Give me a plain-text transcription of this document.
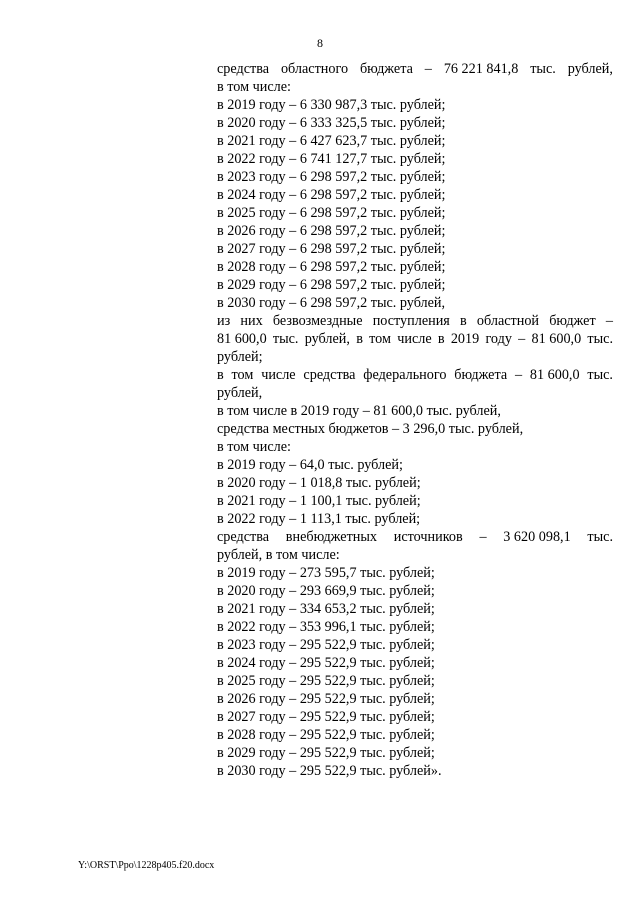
8
средства областного бюджета – 76 221 841,8 тыс. рублей,
в том числе:
в 2019 году – 6 330 987,3 тыс. рублей;
в 2020 году – 6 333 325,5 тыс. рублей;
в 2021 году – 6 427 623,7 тыс. рублей;
в 2022 году – 6 741 127,7 тыс. рублей;
в 2023 году – 6 298 597,2 тыс. рублей;
в 2024 году – 6 298 597,2 тыс. рублей;
в 2025 году – 6 298 597,2 тыс. рублей;
в 2026 году – 6 298 597,2 тыс. рублей;
в 2027 году – 6 298 597,2 тыс. рублей;
в 2028 году – 6 298 597,2 тыс. рублей;
в 2029 году – 6 298 597,2 тыс. рублей;
в 2030 году – 6 298 597,2 тыс. рублей,
из них безвозмездные поступления в областной бюджет –
81 600,0 тыс. рублей, в том числе в 2019 году – 81 600,0 тыс.
рублей;
в том числе средства федерального бюджета – 81 600,0 тыс.
рублей,
в том числе в 2019 году – 81 600,0 тыс. рублей,
средства местных бюджетов – 3 296,0 тыс. рублей,
в том числе:
в 2019 году – 64,0 тыс. рублей;
в 2020 году – 1 018,8 тыс. рублей;
в 2021 году – 1 100,1 тыс. рублей;
в 2022 году – 1 113,1 тыс. рублей;
средства внебюджетных источников – 3 620 098,1 тыс.
рублей, в том числе:
в 2019 году – 273 595,7 тыс. рублей;
в 2020 году – 293 669,9 тыс. рублей;
в 2021 году – 334 653,2 тыс. рублей;
в 2022 году – 353 996,1 тыс. рублей;
в 2023 году – 295 522,9 тыс. рублей;
в 2024 году – 295 522,9 тыс. рублей;
в 2025 году – 295 522,9 тыс. рублей;
в 2026 году – 295 522,9 тыс. рублей;
в 2027 году – 295 522,9 тыс. рублей;
в 2028 году – 295 522,9 тыс. рублей;
в 2029 году – 295 522,9 тыс. рублей;
в 2030 году – 295 522,9 тыс. рублей».

Y:\ORST\Ppo\1228p405.f20.docx
